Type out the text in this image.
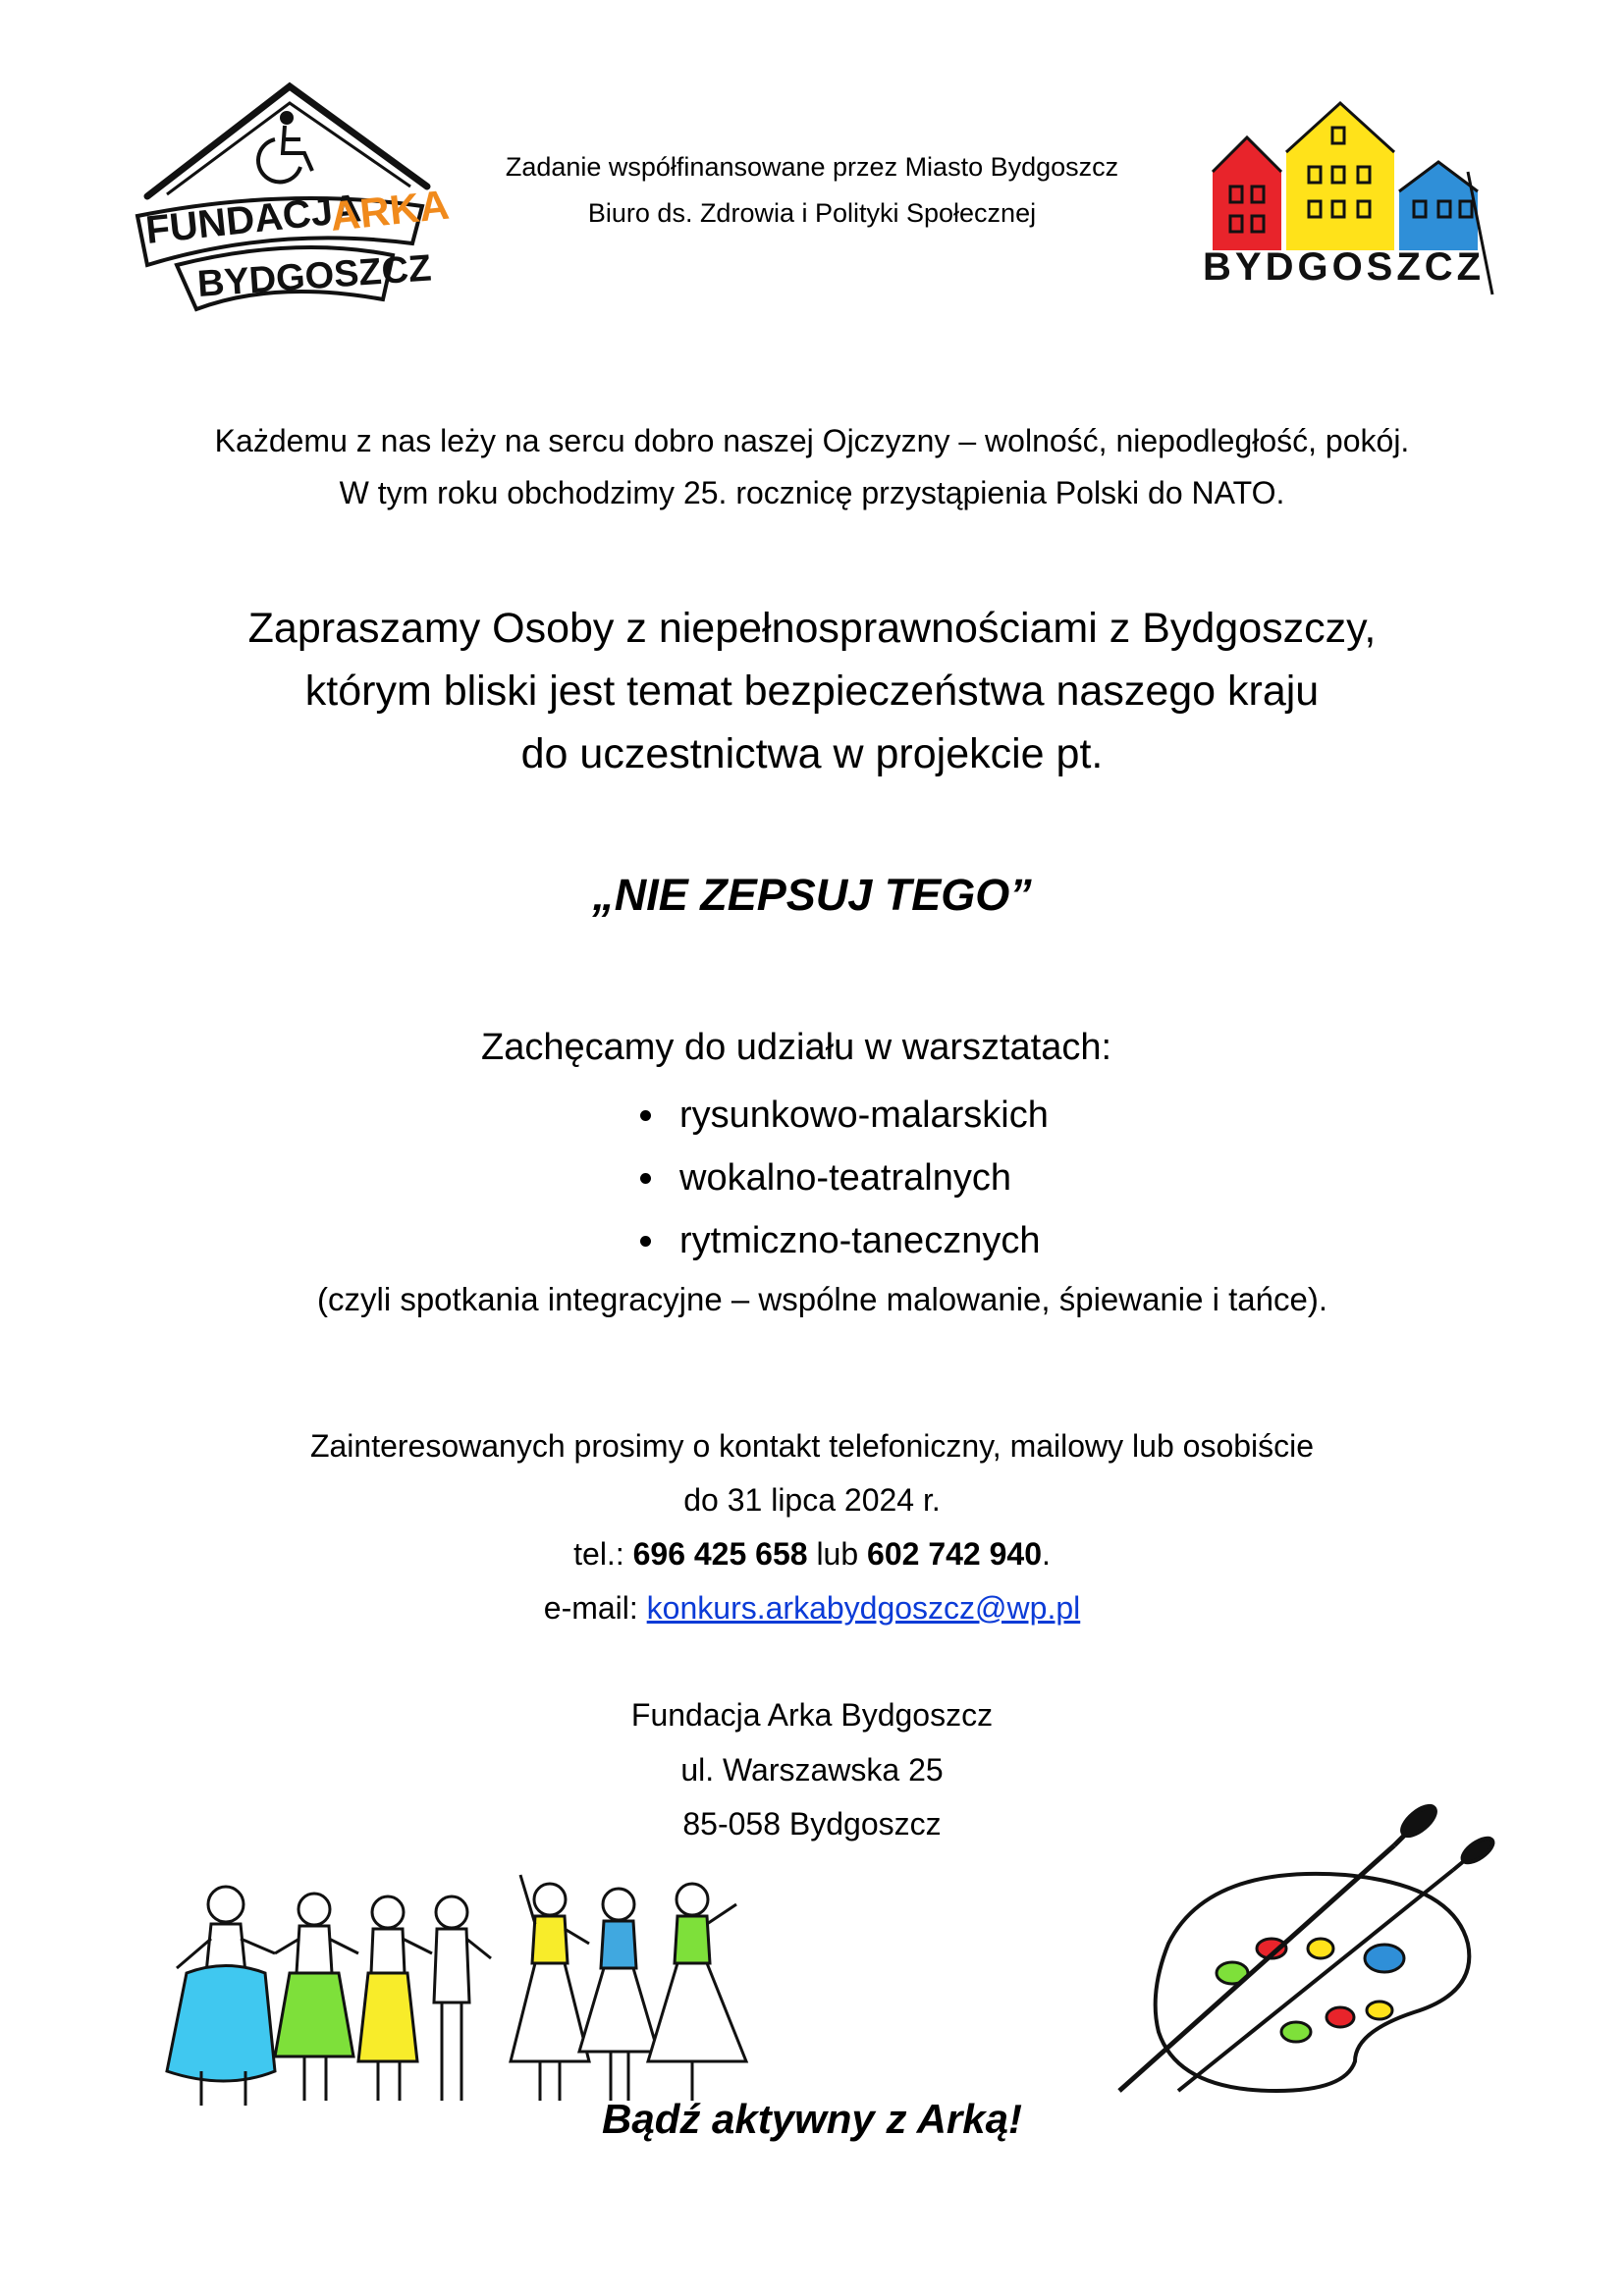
FUNDACJA
ARKA
BYDGOSZCZ
Zadanie współfinansowane przez Miasto Bydgoszcz
Biuro ds. Zdrowia i Polityki Społecznej
BYDGOSZCZ
Każdemu z nas leży na sercu dobro naszej Ojczyzny – wolność, niepodległość, pokój.
W tym roku obchodzimy 25. rocznicę przystąpienia Polski do NATO.
Zapraszamy Osoby z niepełnosprawnościami z Bydgoszczy,
którym bliski jest temat bezpieczeństwa naszego kraju
do uczestnictwa w projekcie pt.
„NIE ZEPSUJ TEGO”
Zachęcamy do udziału w warsztatach:
rysunkowo-malarskich
wokalno-teatralnych
rytmiczno-tanecznych
(czyli spotkania integracyjne – wspólne malowanie, śpiewanie i tańce).
Zainteresowanych prosimy o kontakt telefoniczny, mailowy lub osobiście
do 31 lipca 2024 r.
tel.: 696 425 658 lub 602 742 940.
e-mail: konkurs.arkabydgoszcz@wp.pl
Fundacja Arka Bydgoszcz
ul. Warszawska 25
85-058 Bydgoszcz
Bądź aktywny z Arką!
